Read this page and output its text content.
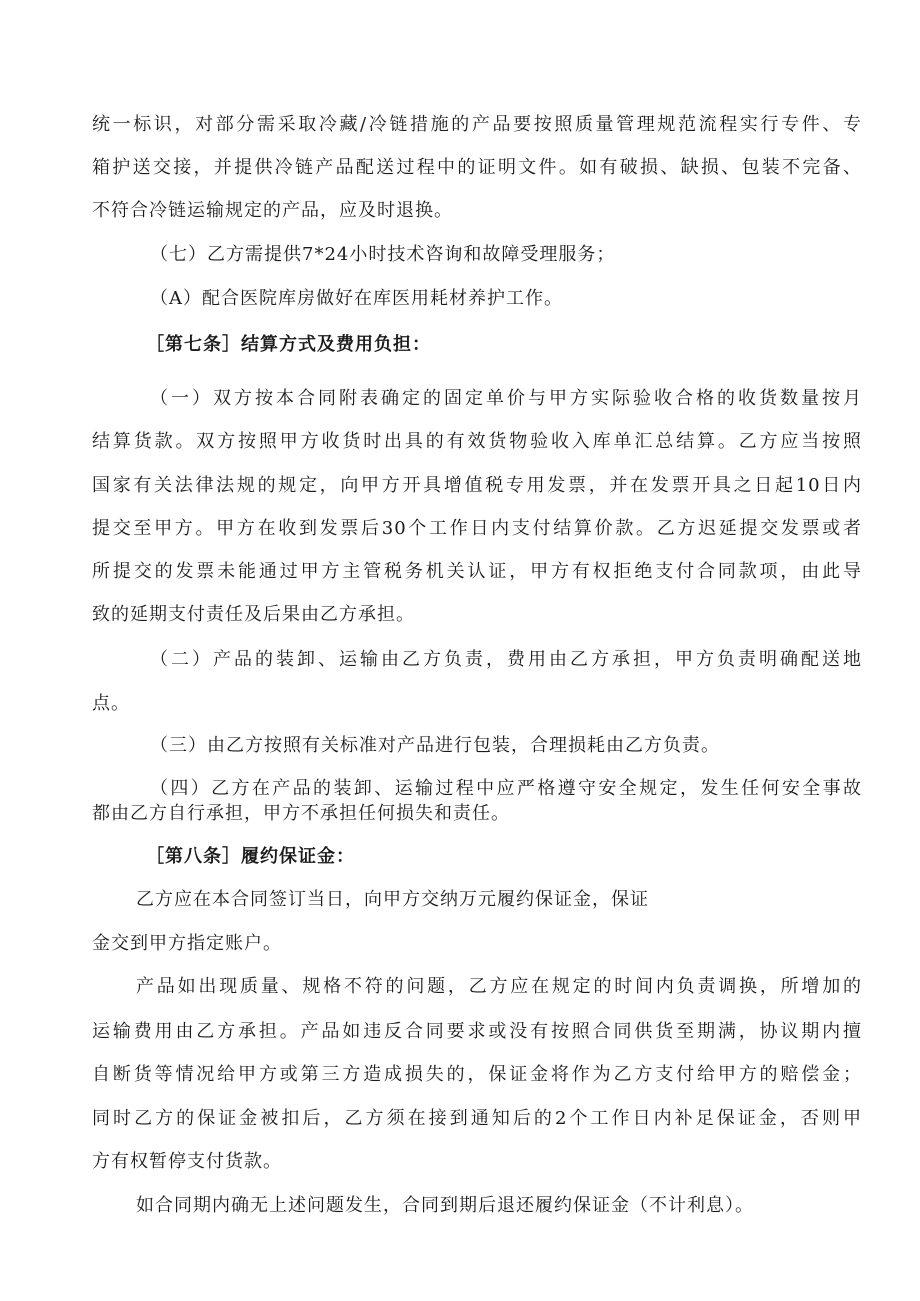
统一标识，对部分需采取冷藏/冷链措施的产品要按照质量管理规范流程实行专件、专
箱护送交接，并提供冷链产品配送过程中的证明文件。如有破损、缺损、包装不完备、
不符合冷链运输规定的产品，应及时退换。
（七）乙方需提供7*24小时技术咨询和故障受理服务；
（A）配合医院库房做好在库医用耗材养护工作。
［第七条］结算方式及费用负担：
（一）双方按本合同附表确定的固定单价与甲方实际验收合格的收货数量按月
结算货款。双方按照甲方收货时出具的有效货物验收入库单汇总结算。乙方应当按照
国家有关法律法规的规定，向甲方开具增值税专用发票，并在发票开具之日起10日内
提交至甲方。甲方在收到发票后30个工作日内支付结算价款。乙方迟延提交发票或者
所提交的发票未能通过甲方主管税务机关认证，甲方有权拒绝支付合同款项，由此导
致的延期支付责任及后果由乙方承担。
（二）产品的装卸、运输由乙方负责，费用由乙方承担，甲方负责明确配送地
点。
（三）由乙方按照有关标准对产品进行包装，合理损耗由乙方负责。
（四）乙方在产品的装卸、运输过程中应严格遵守安全规定，发生任何安全事故
都由乙方自行承担，甲方不承担任何损失和责任。
［第八条］履约保证金：
乙方应在本合同签订当日，向甲方交纳万元履约保证金，保证
金交到甲方指定账户。
产品如出现质量、规格不符的问题，乙方应在规定的时间内负责调换，所增加的
运输费用由乙方承担。产品如违反合同要求或没有按照合同供货至期满，协议期内擅
自断货等情况给甲方或第三方造成损失的，保证金将作为乙方支付给甲方的赔偿金；
同时乙方的保证金被扣后，乙方须在接到通知后的2个工作日内补足保证金，否则甲
方有权暂停支付货款。
如合同期内确无上述问题发生，合同到期后退还履约保证金（不计利息）。
